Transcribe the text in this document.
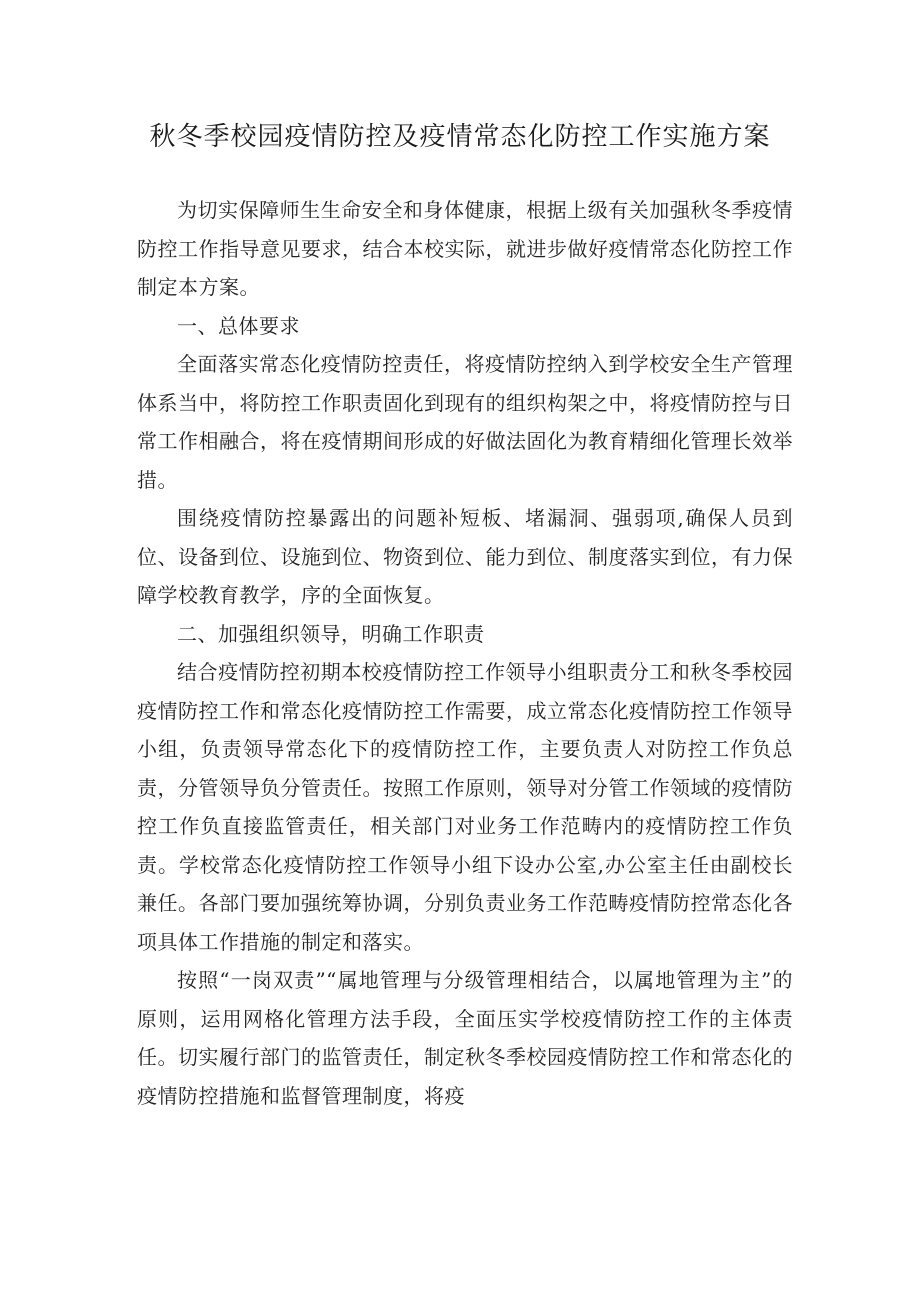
秋冬季校园疫情防控及疫情常态化防控工作实施方案

为切实保障师生生命安全和身体健康，根据上级有关加强秋冬季疫情防控工作指导意见要求，结合本校实际，就进步做好疫情常态化防控工作制定本方案。

一、总体要求

全面落实常态化疫情防控责任，将疫情防控纳入到学校安全生产管理体系当中，将防控工作职责固化到现有的组织构架之中，将疫情防控与日常工作相融合，将在疫情期间形成的好做法固化为教育精细化管理长效举措。

围绕疫情防控暴露出的问题补短板、堵漏洞、强弱项,确保人员到位、设备到位、设施到位、物资到位、能力到位、制度落实到位，有力保障学校教育教学，序的全面恢复。

二、加强组织领导，明确工作职责

结合疫情防控初期本校疫情防控工作领导小组职责分工和秋冬季校园疫情防控工作和常态化疫情防控工作需要，成立常态化疫情防控工作领导小组，负责领导常态化下的疫情防控工作，主要负责人对防控工作负总责，分管领导负分管责任。按照工作原则，领导对分管工作领域的疫情防控工作负直接监管责任，相关部门对业务工作范畴内的疫情防控工作负责。学校常态化疫情防控工作领导小组下设办公室,办公室主任由副校长兼任。各部门要加强统筹协调，分别负责业务工作范畴疫情防控常态化各项具体工作措施的制定和落实。

按照“一岗双责”“属地管理与分级管理相结合，以属地管理为主”的原则，运用网格化管理方法手段，全面压实学校疫情防控工作的主体责任。切实履行部门的监管责任，制定秋冬季校园疫情防控工作和常态化的疫情防控措施和监督管理制度，将疫
